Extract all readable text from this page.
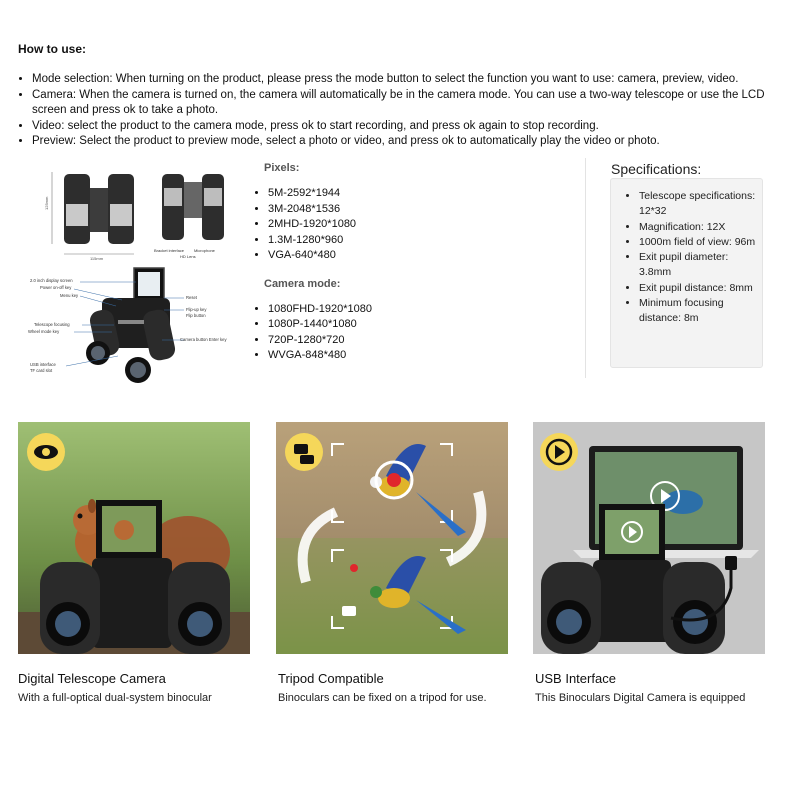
How to use:
• Mode selection: When turning on the product, please press the mode button to select the function you want to use: camera, preview, video.
• Camera: When the camera is turned on, the camera will automatically be in the camera mode. You can use a two-way telescope or use the LCD screen and press ok to take a photo.
• Video: select the product to the camera mode, press ok to start recording, and press ok again to stop recording.
• Preview: Select the product to preview mode, select a photo or video, and press ok to automatically play the video or photo.
125mm
115mm
Bracket interface Microphone
HD Lens
2.0 inch display screen
Power on-off key
Menu key	Reset
Flip-up key
Flip button
Telescope focusing
Wheel mode key
Camera button Enter key
USB interface
TF card slot
Pixels:
• 5M-2592*1944
• 3M-2048*1536
• 2MHD-1920*1080
• 1.3M-1280*960
• VGA-640*480
Camera mode:
• 1080FHD-1920*1080
• 1080P-1440*1080
• 720P-1280*720
• WVGA-848*480
Specifications:
• Telescope specifications: 12*32
• Magnification: 12X
• 1000m field of view: 96m
• Exit pupil diameter: 3.8mm
• Exit pupil distance: 8mm
• Minimum focusing distance: 8m
Digital Telescope Camera
With a full-optical dual-system binocular
Tripod Compatible
Binoculars can be fixed on a tripod for use.
USB Interface
This Binoculars Digital Camera is equipped
